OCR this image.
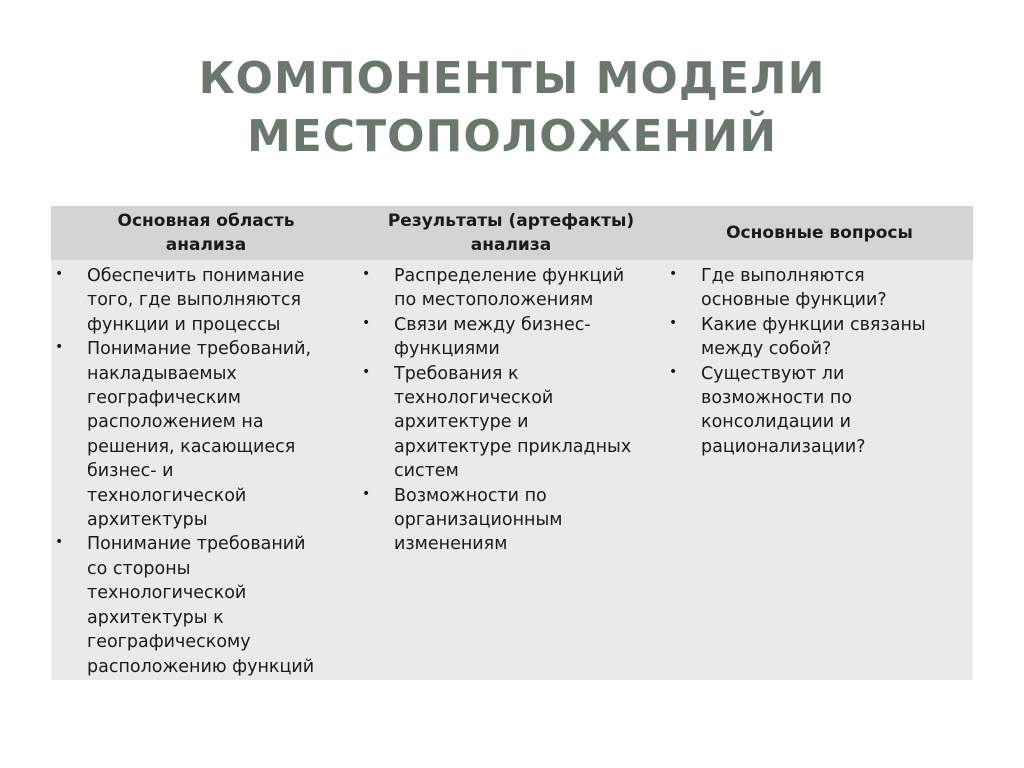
КОМПОНЕНТЫ МОДЕЛИ
МЕСТОПОЛОЖЕНИЙ
Основная область
анализа
Результаты (артефакты)
анализа
Основные вопросы
• Обеспечить понимание
того, где выполняются
функции и процессы
• Понимание требований,
накладываемых
географическим
расположением на
решения, касающиеся
бизнес- и
технологической
архитектуры
• Понимание требований
со стороны
технологической
архитектуры к
географическому
расположению функций
• Распределение функций
по местоположениям
• Связи между бизнес-
функциями
• Требования к
технологической
архитектуре и
архитектуре прикладных
систем
• Возможности по
организационным
изменениям
• Где выполняются
основные функции?
• Какие функции связаны
между собой?
• Существуют ли
возможности по
консолидации и
рационализации?
